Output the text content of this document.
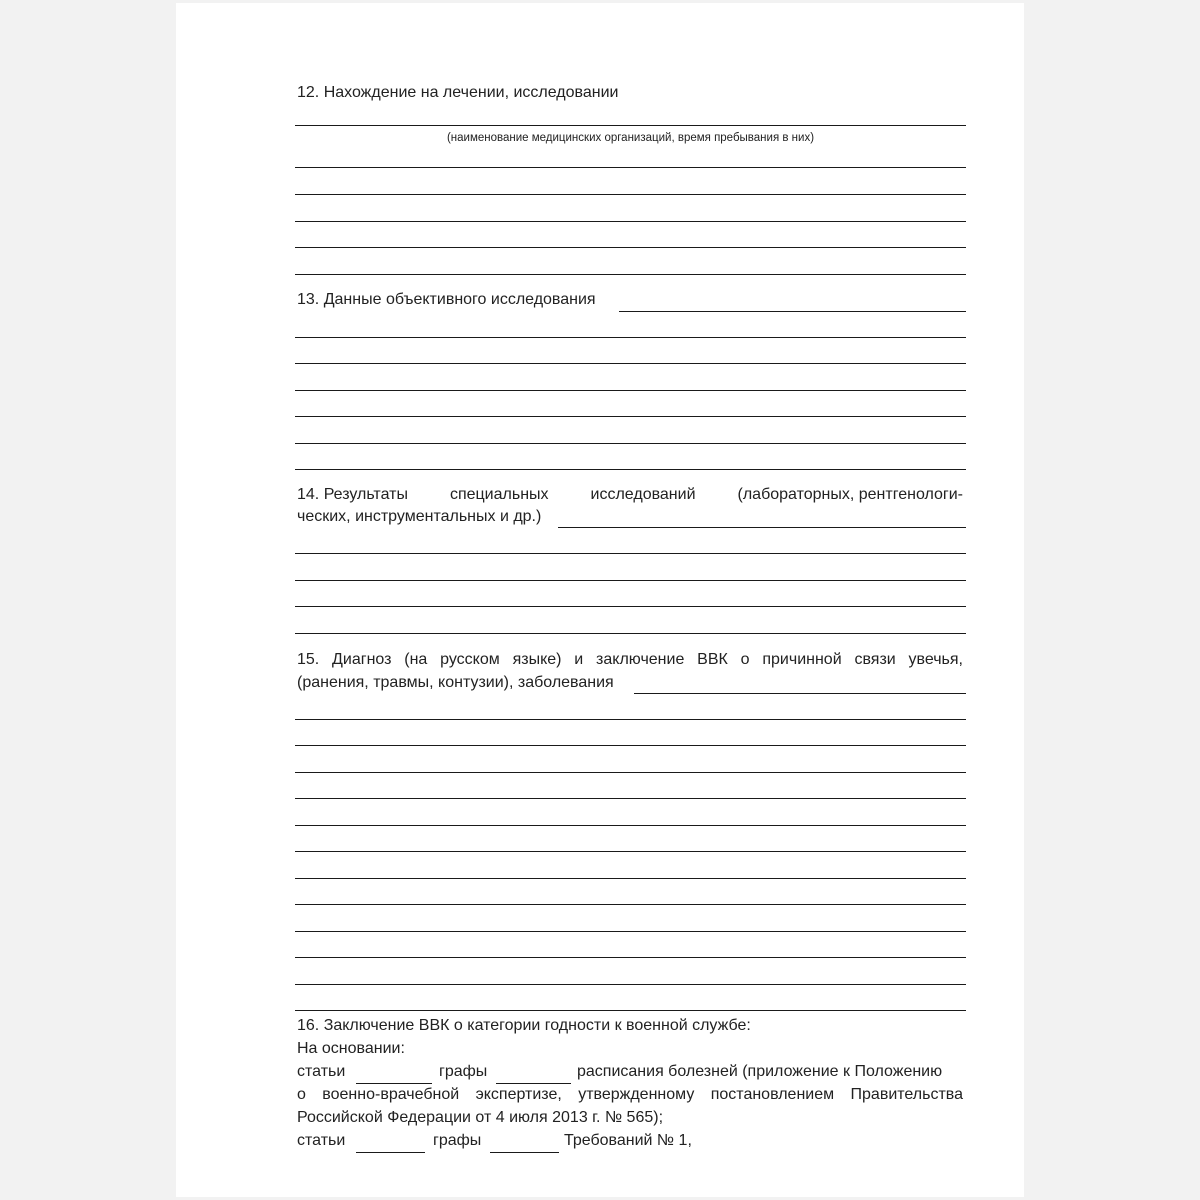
12. Нахождение на лечении, исследовании
(наименование медицинских организаций, время пребывания в них)
13. Данные объективного исследования
14. Результаты	специальных	исследований	(лабораторных, рентгенологи-
ческих, инструментальных и др.)
15. Диагноз (на русском языке) и заключение ВВК о причинной связи увечья,
(ранения, травмы, контузии), заболевания
16. Заключение ВВК о категории годности к военной службе:
На основании:
статьи	графы	расписания болезней (приложение к Положению
о военно-врачебной экспертизе, утвержденному постановлением Правительства
Российской Федерации от 4 июля 2013 г. № 565);
статьи	графы	Требований № 1,
